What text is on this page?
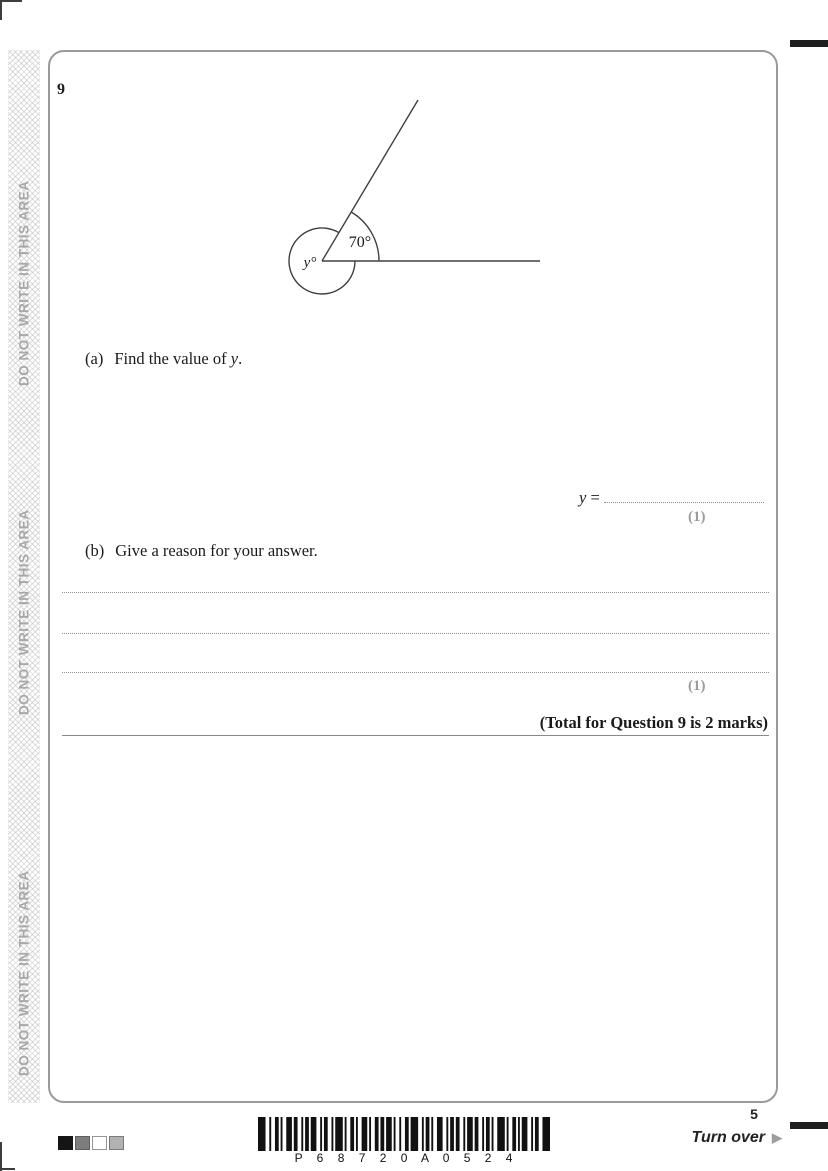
DO NOT WRITE IN THIS AREA
DO NOT WRITE IN THIS AREA
DO NOT WRITE IN THIS AREA
9
70°
y°
(a) Find the value of y.
y =
(1)
(b) Give a reason for your answer.
(1)
(Total for Question 9 is 2 marks)
P 6 8 7 2 0 A 0 5 2 4
5
Turn over ▶
